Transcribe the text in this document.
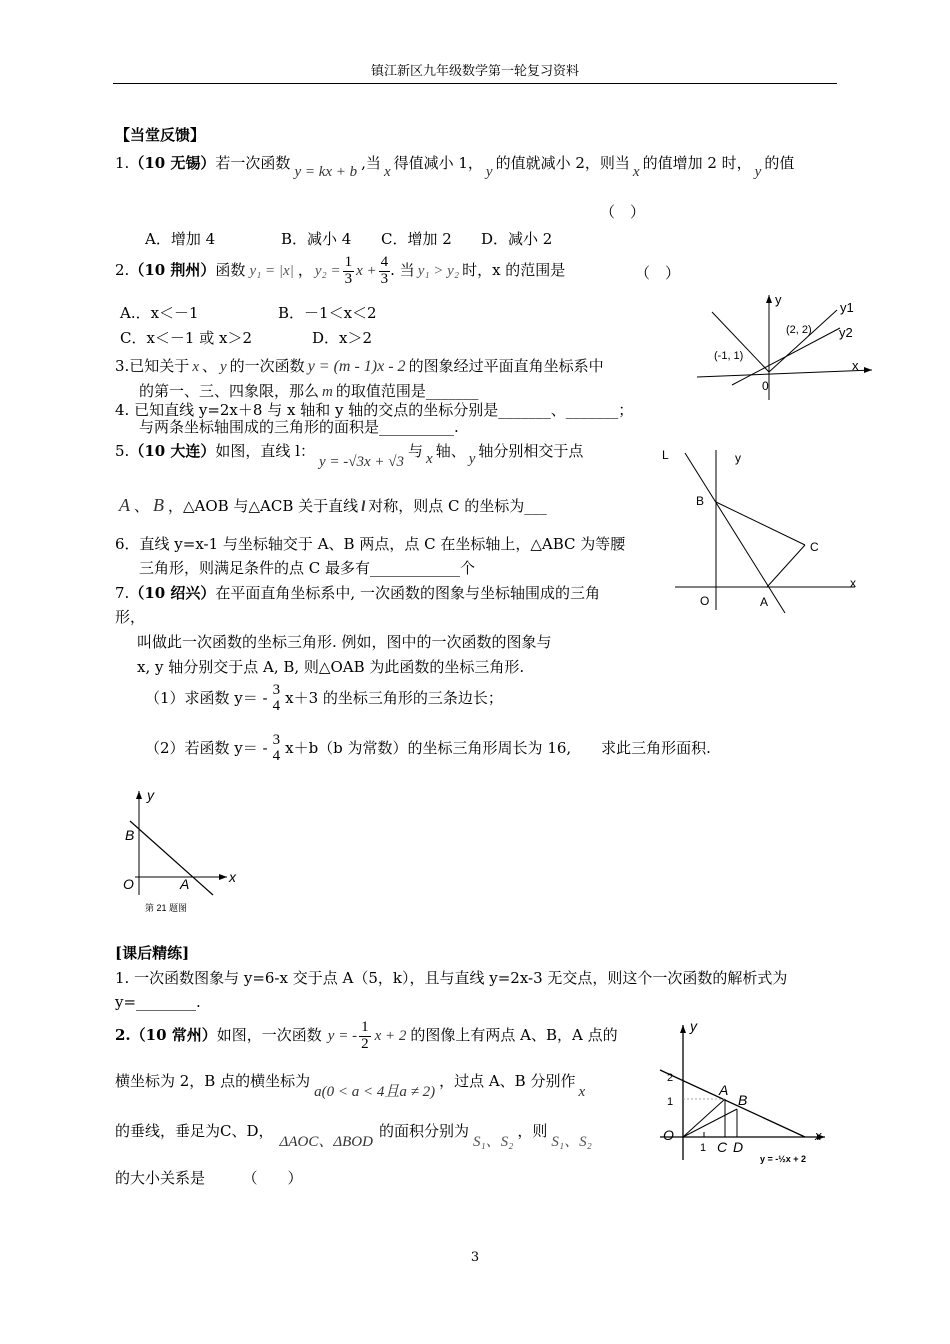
镇江新区九年级数学第一轮复习资料
【当堂反馈】
1.（10 无锡）若一次函数 y = kx + b ,当 x 得值减小 1， y 的值就减小 2，则当 x 的值增加 2 时， y 的值
（　）
A．增加 4	B．减小 4 C．增加 2 D．减小 2
2.（10 荆州）函数 y₁ = |x| ， $y_2 = \frac{1}{3}$ $x + \frac{4}{3}$ . 当 y₁ > y₂ 时，x 的范围是	（　）
A.．x＜－1	B．－1＜x＜2
C．x＜－1 或 x＞2	D．x＞2
3.已知关于 x 、 y 的一次函数 y = (m - 1)x - 2 的图象经过平面直角坐标系中
的第一、三、四象限，那么 m 的取值范围是_______
4. 已知直线 y=2x＋8 与 x 轴和 y 轴的交点的坐标分别是_______、_______；
与两条坐标轴围成的三角形的面积是__________.
5.（10 大连）如图，直线 l：y = -√3x + √3与 x 轴、 y 轴分别相交于点
A 、 B ，△AOB 与△ACB 关于直线 l 对称，则点 C 的坐标为___
6．直线 y=x-1 与坐标轴交于 A、B 两点，点 C 在坐标轴上，△ABC 为等腰
三角形，则满足条件的点 C 最多有____________个
7.（10 绍兴）在平面直角坐标系中, 一次函数的图象与坐标轴围成的三角
形，
叫做此一次函数的坐标三角形. 例如，图中的一次函数的图象与
x, y 轴分别交于点 A, B, 则△OAB 为此函数的坐标三角形.
（1）求函数 y＝ - 3
4 x＋3 的坐标三角形的三条边长；
（2）若函数 y＝ - 3
4 x＋b（b 为常数）的坐标三角形周长为 16,　　求此三角形面积.
y
x
0
y1
y2
(2, 2)
(-1, 1)
L	y
x
O	A
B
C
y
x
O	A
B
第 21 题图
[课后精练]
1. 一次函数图象与 y=6-x 交于点 A（5，k），且与直线 y=2x-3 无交点，则这个一次函数的解析式为
y=________.
2.（10 常州）如图，一次函数 y = - $\frac{1}{2}$ x + 2 的图像上有两点 A、B，A 点的
横坐标为 2，B 点的横坐标为a(0 < a < 4且a ≠ 2)，过点 A、B 分别作x
的垂线，垂足为C、D，ΔAOC、ΔBOD的面积分别为S₁、S₂，则S₁、S₂
的大小关系是　　　（　　）
y
x
O
1
1
2
A
B
C D
y = -½x + 2
3
